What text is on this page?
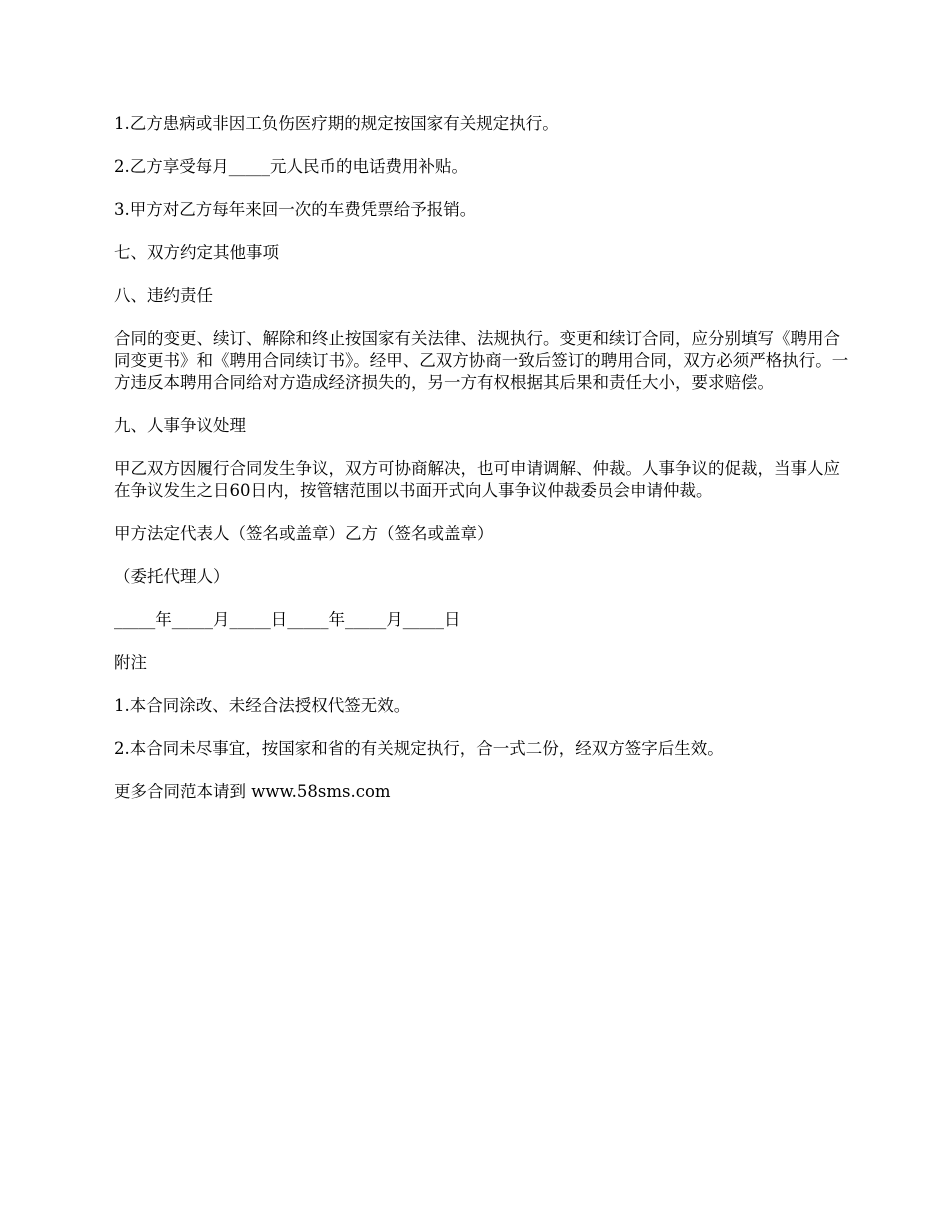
1.乙方患病或非因工负伤医疗期的规定按国家有关规定执行。

2.乙方享受每月_____元人民币的电话费用补贴。

3.甲方对乙方每年来回一次的车费凭票给予报销。

七、双方约定其他事项

八、违约责任

合同的变更、续订、解除和终止按国家有关法律、法规执行。变更和续订合同，应分别填写《聘用合同变更书》和《聘用合同续订书》。经甲、乙双方协商一致后签订的聘用合同，双方必须严格执行。一方违反本聘用合同给对方造成经济损失的，另一方有权根据其后果和责任大小，要求赔偿。

九、人事争议处理

甲乙双方因履行合同发生争议，双方可协商解决，也可申请调解、仲裁。人事争议的促裁，当事人应在争议发生之日60日内，按管辖范围以书面开式向人事争议仲裁委员会申请仲裁。

甲方法定代表人（签名或盖章）乙方（签名或盖章）

（委托代理人）

_____年_____月_____日_____年_____月_____日

附注

1.本合同涂改、未经合法授权代签无效。

2.本合同未尽事宜，按国家和省的有关规定执行，合一式二份，经双方签字后生效。

更多合同范本请到 www.58sms.com
